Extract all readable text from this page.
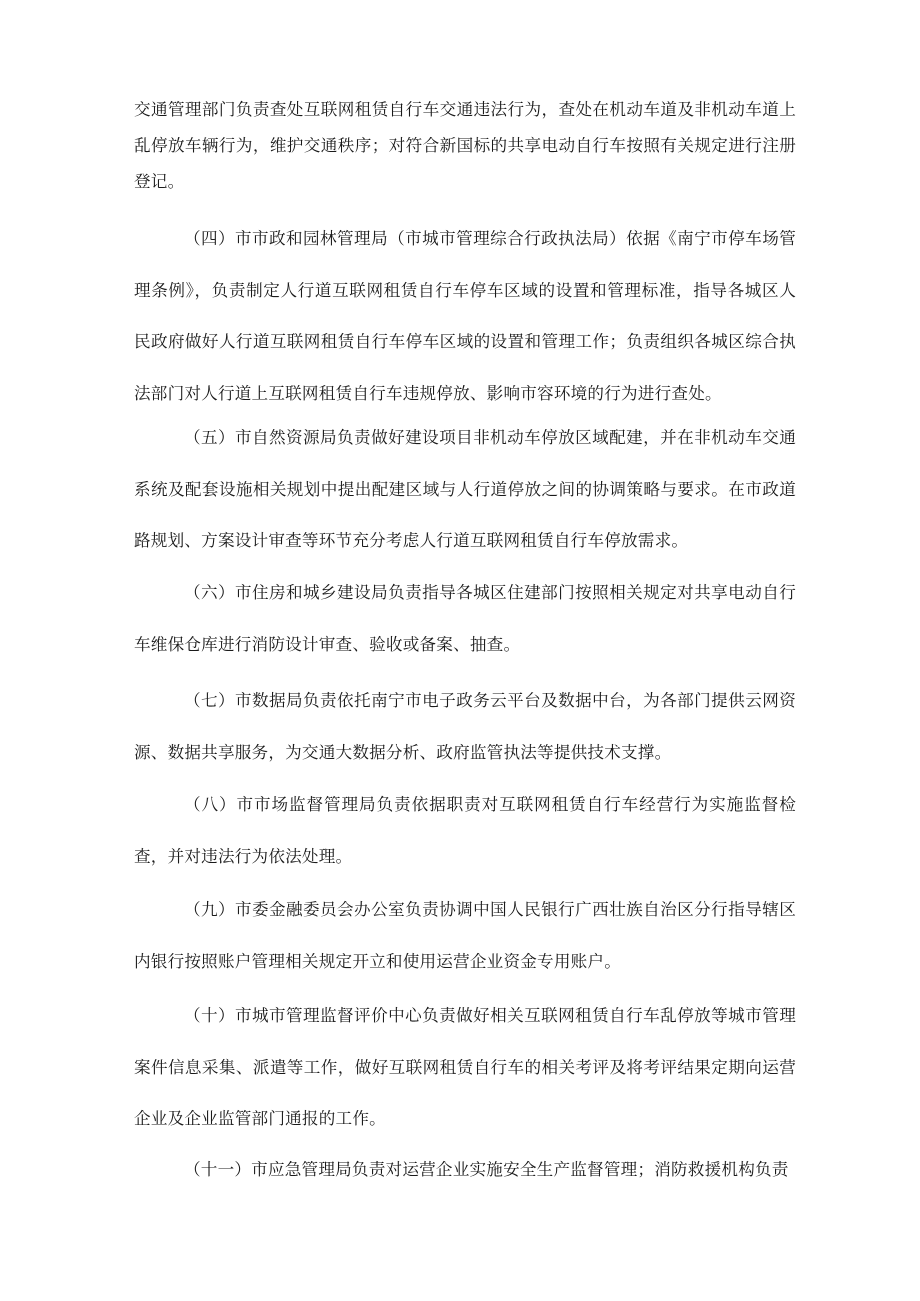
交通管理部门负责查处互联网租赁自行车交通违法行为，查处在机动车道及非机动车道上乱停放车辆行为，维护交通秩序；对符合新国标的共享电动自行车按照有关规定进行注册登记。

（四）市市政和园林管理局（市城市管理综合行政执法局）依据《南宁市停车场管理条例》，负责制定人行道互联网租赁自行车停车区域的设置和管理标准，指导各城区人民政府做好人行道互联网租赁自行车停车区域的设置和管理工作；负责组织各城区综合执法部门对人行道上互联网租赁自行车违规停放、影响市容环境的行为进行查处。

（五）市自然资源局负责做好建设项目非机动车停放区域配建，并在非机动车交通系统及配套设施相关规划中提出配建区域与人行道停放之间的协调策略与要求。在市政道路规划、方案设计审查等环节充分考虑人行道互联网租赁自行车停放需求。

（六）市住房和城乡建设局负责指导各城区住建部门按照相关规定对共享电动自行车维保仓库进行消防设计审查、验收或备案、抽查。

（七）市数据局负责依托南宁市电子政务云平台及数据中台，为各部门提供云网资源、数据共享服务，为交通大数据分析、政府监管执法等提供技术支撑。

（八）市市场监督管理局负责依据职责对互联网租赁自行车经营行为实施监督检查，并对违法行为依法处理。

（九）市委金融委员会办公室负责协调中国人民银行广西壮族自治区分行指导辖区内银行按照账户管理相关规定开立和使用运营企业资金专用账户。

（十）市城市管理监督评价中心负责做好相关互联网租赁自行车乱停放等城市管理案件信息采集、派遣等工作，做好互联网租赁自行车的相关考评及将考评结果定期向运营企业及企业监管部门通报的工作。

（十一）市应急管理局负责对运营企业实施安全生产监督管理；消防救援机构负责
